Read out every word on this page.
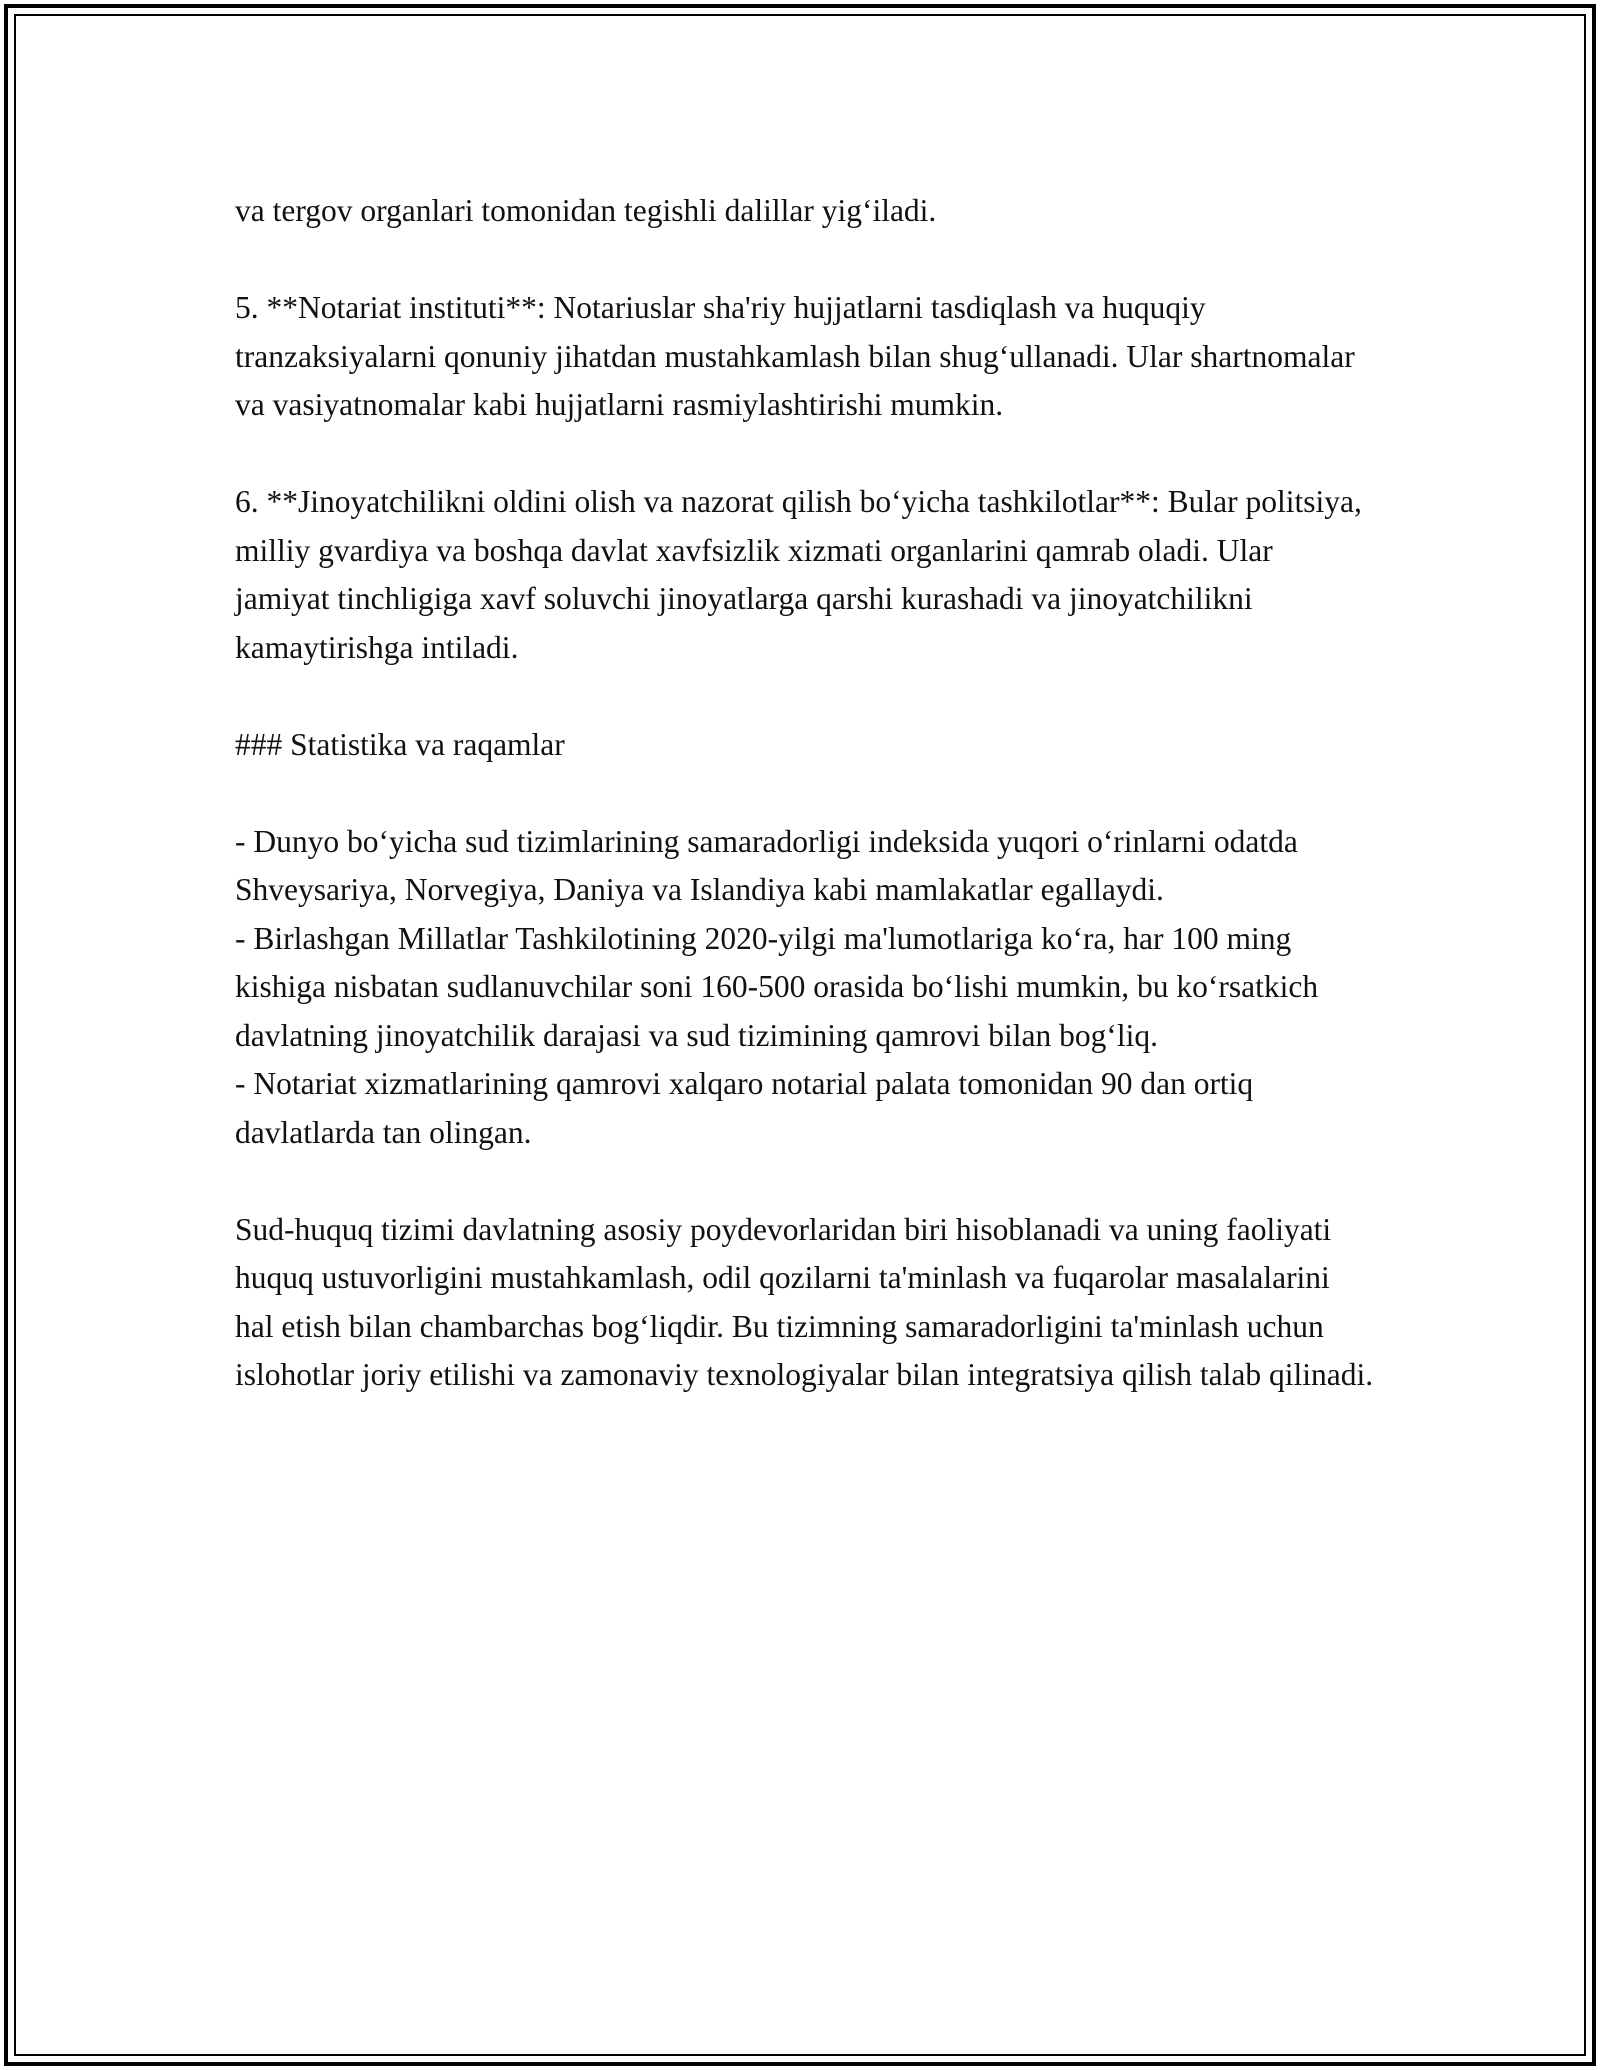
va tergov organlari tomonidan tegishli dalillar yig‘iladi.

5. **Notariat instituti**: Notariuslar sha'riy hujjatlarni tasdiqlash va huquqiy tranzaksiyalarni qonuniy jihatdan mustahkamlash bilan shug‘ullanadi. Ular shartnomalar va vasiyatnomalar kabi hujjatlarni rasmiylashtirishi mumkin.

6. **Jinoyatchilikni oldini olish va nazorat qilish bo‘yicha tashkilotlar**: Bular politsiya, milliy gvardiya va boshqa davlat xavfsizlik xizmati organlarini qamrab oladi. Ular jamiyat tinchligiga xavf soluvchi jinoyatlarga qarshi kurashadi va jinoyatchilikni kamaytirishga intiladi.

### Statistika va raqamlar

- Dunyo bo‘yicha sud tizimlarining samaradorligi indeksida yuqori o‘rinlarni odatda Shveysariya, Norvegiya, Daniya va Islandiya kabi mamlakatlar egallaydi.
- Birlashgan Millatlar Tashkilotining 2020-yilgi ma'lumotlariga ko‘ra, har 100 ming kishiga nisbatan sudlanuvchilar soni 160-500 orasida bo‘lishi mumkin, bu ko‘rsatkich davlatning jinoyatchilik darajasi va sud tizimining qamrovi bilan bog‘liq.
- Notariat xizmatlarining qamrovi xalqaro notarial palata tomonidan 90 dan ortiq davlatlarda tan olingan.

Sud-huquq tizimi davlatning asosiy poydevorlaridan biri hisoblanadi va uning faoliyati huquq ustuvorligini mustahkamlash, odil qozilarni ta'minlash va fuqarolar masalalarini hal etish bilan chambarchas bog‘liqdir. Bu tizimning samaradorligini ta'minlash uchun islohotlar joriy etilishi va zamonaviy texnologiyalar bilan integratsiya qilish talab qilinadi.
